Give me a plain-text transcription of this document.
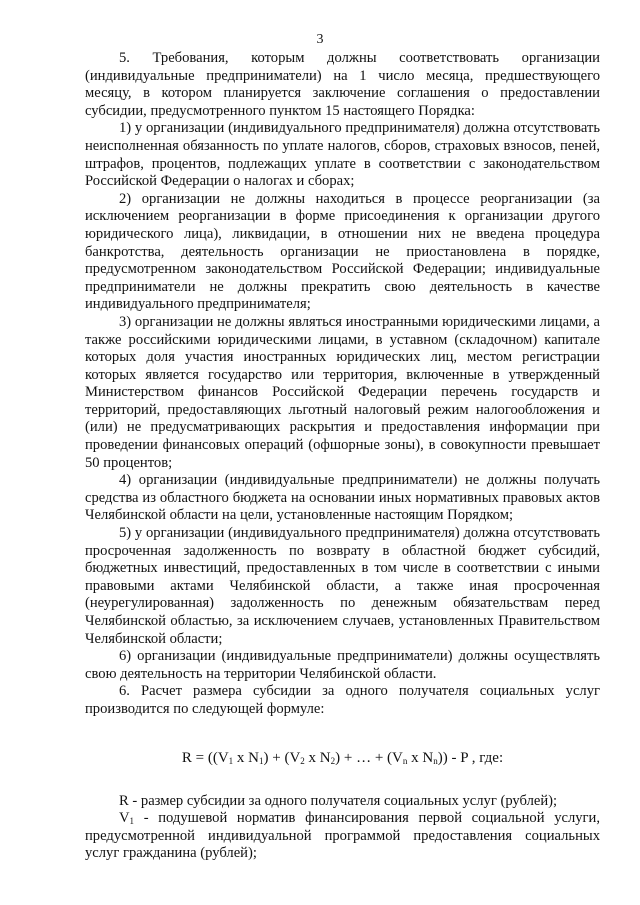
3

5. Требования, которым должны соответствовать организации (индивидуальные предприниматели) на 1 число месяца, предшествующего месяцу, в котором планируется заключение соглашения о предоставлении субсидии, предусмотренного пунктом 15 настоящего Порядка:

1) у организации (индивидуального предпринимателя) должна отсутствовать неисполненная обязанность по уплате налогов, сборов, страховых взносов, пеней, штрафов, процентов, подлежащих уплате в соответствии с законодательством Российской Федерации о налогах и сборах;

2) организации не должны находиться в процессе реорганизации (за исключением реорганизации в форме присоединения к организации другого юридического лица), ликвидации, в отношении них не введена процедура банкротства, деятельность организации не приостановлена в порядке, предусмотренном законодательством Российской Федерации; индивидуальные предприниматели не должны прекратить свою деятельность в качестве индивидуального предпринимателя;

3) организации не должны являться иностранными юридическими лицами, а также российскими юридическими лицами, в уставном (складочном) капитале которых доля участия иностранных юридических лиц, местом регистрации которых является государство или территория, включенные в утвержденный Министерством финансов Российской Федерации перечень государств и территорий, предоставляющих льготный налоговый режим налогообложения и (или) не предусматривающих раскрытия и предоставления информации при проведении финансовых операций (офшорные зоны), в совокупности превышает 50 процентов;

4) организации (индивидуальные предприниматели) не должны получать средства из областного бюджета на основании иных нормативных правовых актов Челябинской области на цели, установленные настоящим Порядком;

5) у организации (индивидуального предпринимателя) должна отсутствовать просроченная задолженность по возврату в областной бюджет субсидий, бюджетных инвестиций, предоставленных в том числе в соответствии с иными правовыми актами Челябинской области, а также иная просроченная (неурегулированная) задолженность по денежным обязательствам перед Челябинской областью, за исключением случаев, установленных Правительством Челябинской области;

6) организации (индивидуальные предприниматели) должны осуществлять свою деятельность на территории Челябинской области.

6. Расчет размера субсидии за одного получателя социальных услуг производится по следующей формуле:

$R = ((V_1$ x $N_1) + (V_2$ x $N_2$) + … + ($V_n$ x $N_n$)) - P , где:

R - размер субсидии за одного получателя социальных услуг (рублей);

$V_1$ - подушевой норматив финансирования первой социальной услуги, предусмотренной индивидуальной программой предоставления социальных услуг гражданина (рублей);
